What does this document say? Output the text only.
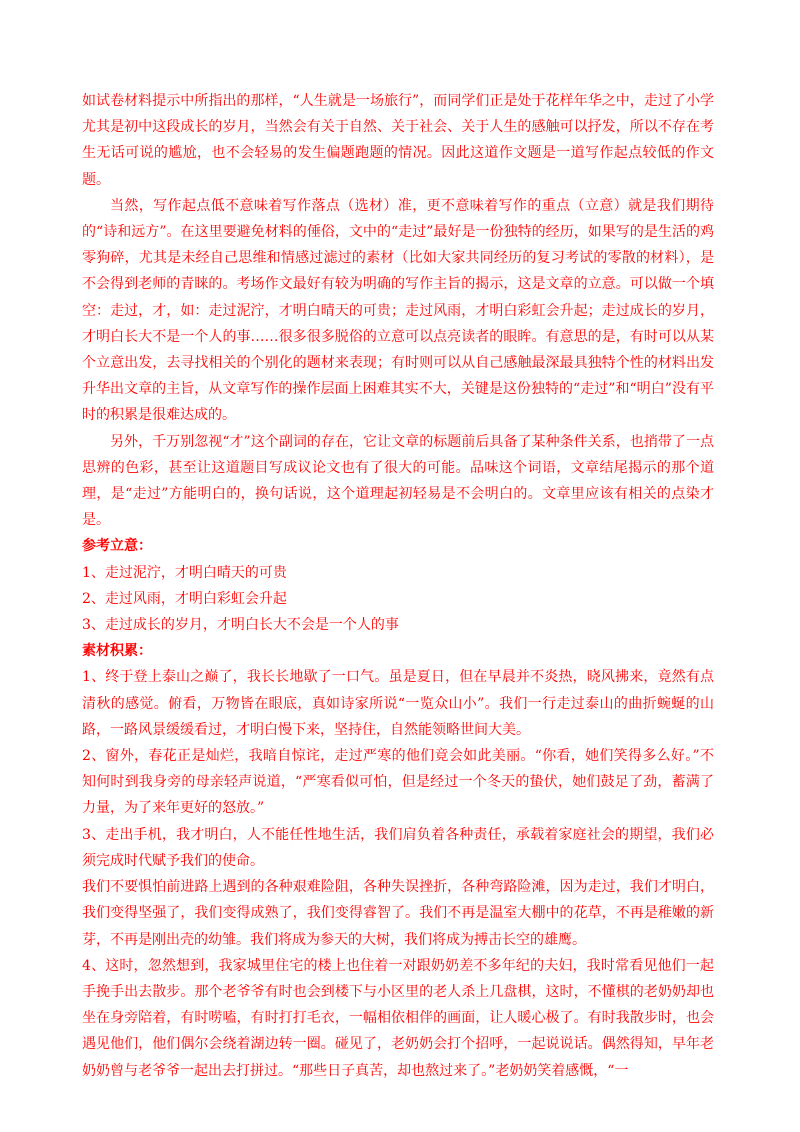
如试卷材料提示中所指出的那样，“人生就是一场旅行”，而同学们正是处于花样年华之中，走过了小学尤其是初中这段成长的岁月，当然会有关于自然、关于社会、关于人生的感触可以抒发，所以不存在考生无话可说的尴尬，也不会轻易的发生偏题跑题的情况。因此这道作文题是一道写作起点较低的作文题。

当然，写作起点低不意味着写作落点（选材）准，更不意味着写作的重点（立意）就是我们期待的“诗和远方”。在这里要避免材料的倕俗，文中的“走过”最好是一份独特的经历，如果写的是生活的鸡零狗碎，尤其是未经自己思维和情感过滤过的素材（比如大家共同经历的复习考试的零散的材料），是不会得到老师的青睐的。考场作文最好有较为明确的写作主旨的揭示，这是文章的立意。可以做一个填空：走过，才，如：走过泥泞，才明白晴天的可贵；走过风雨，才明白彩虹会升起；走过成长的岁月，才明白长大不是一个人的事……很多很多脱俗的立意可以点亮读者的眼眸。有意思的是，有时可以从某个立意出发，去寻找相关的个别化的题材来表现；有时则可以从自己感触最深最具独特个性的材料出发升华出文章的主旨，从文章写作的操作层面上困难其实不大，关键是这份独特的“走过”和“明白”没有平时的积累是很难达成的。

另外，千万别忽视“才”这个副词的存在，它让文章的标题前后具备了某种条件关系，也捎带了一点思辨的色彩，甚至让这道题目写成议论文也有了很大的可能。品味这个词语，文章结尾揭示的那个道理，是“走过”方能明白的，换句话说，这个道理起初轻易是不会明白的。文章里应该有相关的点染才是。

参考立意：

1、走过泥泞，才明白晴天的可贵

2、走过风雨，才明白彩虹会升起

3、走过成长的岁月，才明白长大不会是一个人的事

素材积累：

1、终于登上泰山之巅了，我长长地歇了一口气。虽是夏日，但在早晨并不炎热，晓风拂来，竟然有点清秋的感觉。俯看，万物皆在眼底，真如诗家所说“一览众山小”。我们一行走过泰山的曲折蜿蜒的山路，一路风景缓缓看过，才明白慢下来，坚持住，自然能领略世间大美。

2、窗外，春花正是灿烂，我暗自惊诧，走过严寒的他们竟会如此美丽。“你看，她们笑得多么好。”不知何时到我身旁的母亲轻声说道，“严寒看似可怕，但是经过一个冬天的蛰伏，她们鼓足了劲，蓄满了力量，为了来年更好的怒放。”

3、走出手机，我才明白，人不能任性地生活，我们肩负着各种责任，承载着家庭社会的期望，我们必须完成时代赋予我们的使命。

我们不要惧怕前进路上遇到的各种艰难险阻，各种失误挫折，各种弯路险滩，因为走过，我们才明白，我们变得坚强了，我们变得成熟了，我们变得睿智了。我们不再是温室大棚中的花草，不再是稚嫩的新芽，不再是刚出壳的幼雏。我们将成为参天的大树，我们将成为搏击长空的雄鹰。

4、这时，忽然想到，我家城里住宅的楼上也住着一对跟奶奶差不多年纪的夫妇，我时常看见他们一起手挽手出去散步。那个老爷爷有时也会到楼下与小区里的老人杀上几盘棋，这时，不懂棋的老奶奶却也坐在身旁陪着，有时唠嗑，有时打打毛衣，一幅相依相伴的画面，让人暖心极了。有时我散步时，也会遇见他们，他们偶尔会绕着湖边转一圈。碰见了，老奶奶会打个招呼，一起说说话。偶然得知，早年老奶奶曾与老爷爷一起出去打拼过。“那些日子真苦，却也熬过来了。”老奶奶笑着感慨，“一
